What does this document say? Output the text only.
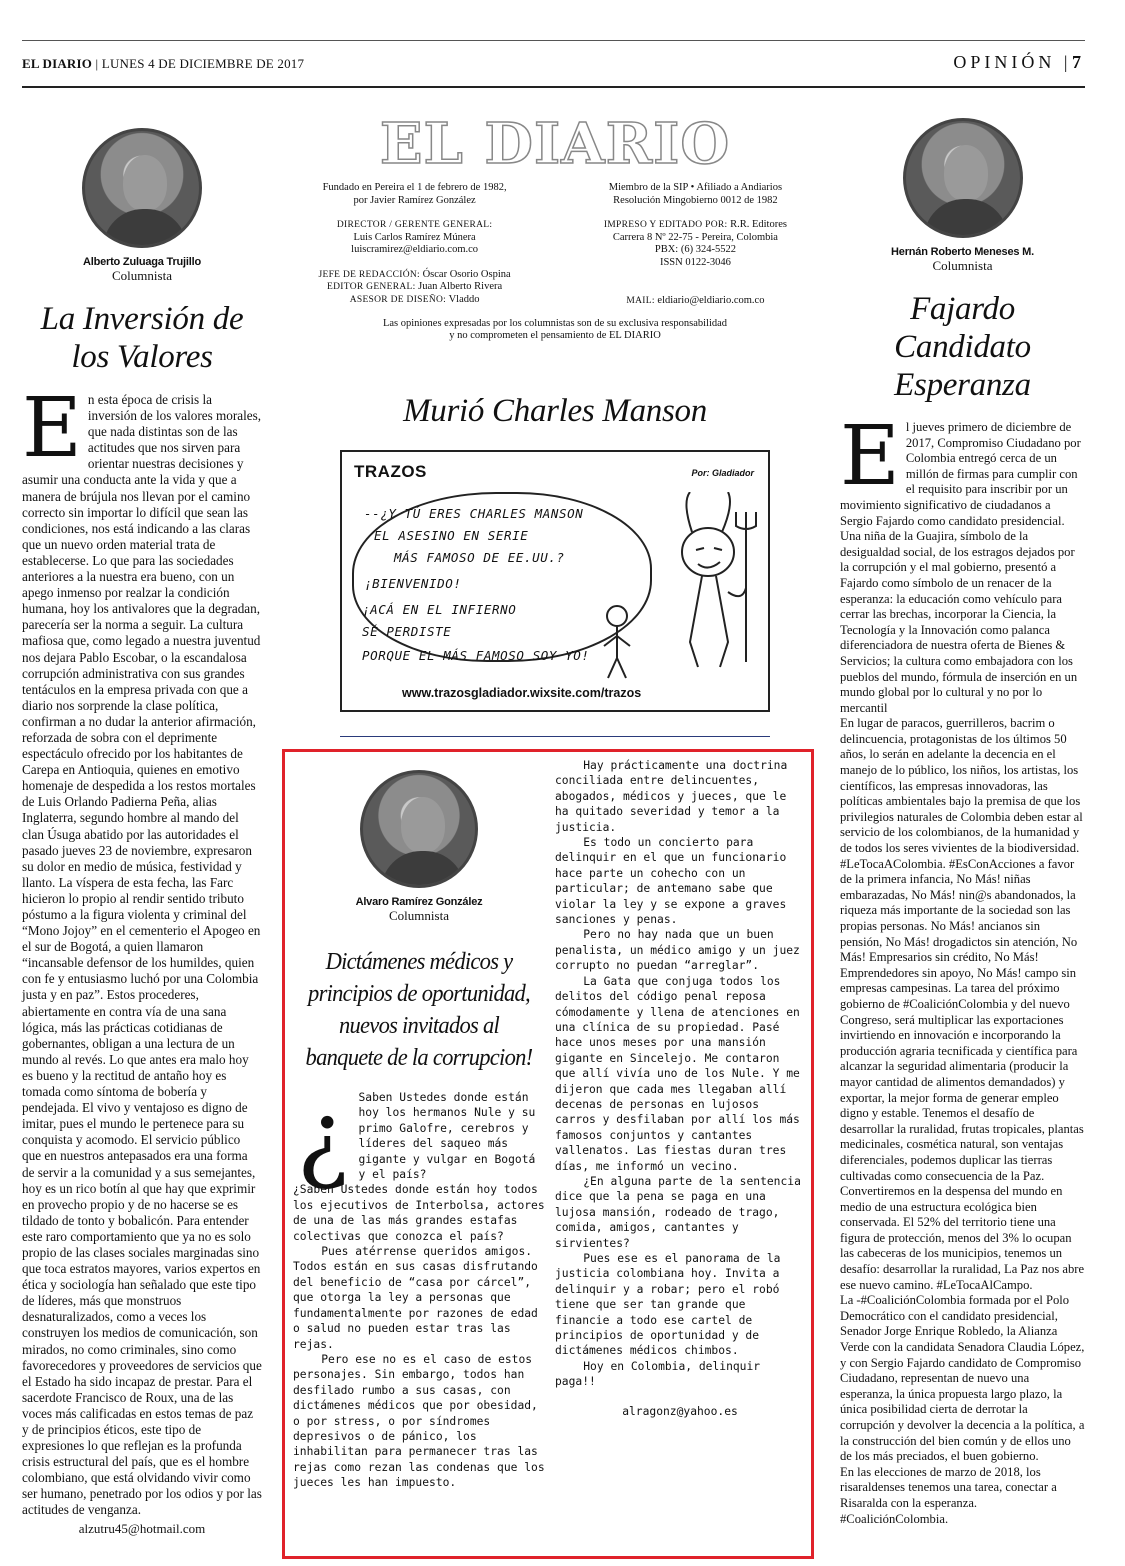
EL DIARIO | LUNES 4 DE DICIEMBRE DE 2017	OPINIÓN | 7
Alberto Zuluaga Trujillo
Columnista
La Inversión de los Valores
E n esta época de crisis la inversión de los valores morales, que nada distintas son de las actitudes que nos sirven para orientar nuestras decisiones y asumir una conducta ante la vida y que a manera de brújula nos llevan por el camino correcto sin importar lo difícil que sean las condiciones, nos está indicando a las claras que un nuevo orden material trata de establecerse. Lo que para las sociedades anteriores a la nuestra era bueno, con un apego inmenso por realzar la condición humana, hoy los antivalores que la degradan, parecería ser la norma a seguir. La cultura mafiosa que, como legado a nuestra juventud nos dejara Pablo Escobar, o la escandalosa corrupción administrativa con sus grandes tentáculos en la empresa privada con que a diario nos sorprende la clase política, confirman a no dudar la anterior afirmación, reforzada de sobra con el deprimente espectáculo ofrecido por los habitantes de Carepa en Antioquia, quienes en emotivo homenaje de despedida a los restos mortales de Luis Orlando Padierna Peña, alias Inglaterra, segundo hombre al mando del clan Úsuga abatido por las autoridades el pasado jueves 23 de noviembre, expresaron su dolor en medio de música, festividad y llanto. La víspera de esta fecha, las Farc hicieron lo propio al rendir sentido tributo póstumo a la figura violenta y criminal del “Mono Jojoy” en el cementerio el Apogeo en el sur de Bogotá, a quien llamaron “incansable defensor de los humildes, quien con fe y entusiasmo luchó por una Colombia justa y en paz”. Estos procederes, abiertamente en contra vía de una sana lógica, más las prácticas cotidianas de gobernantes, obligan a una lectura de un mundo al revés. Lo que antes era malo hoy es bueno y la rectitud de antaño hoy es tomada como síntoma de bobería y pendejada. El vivo y ventajoso es digno de imitar, pues el mundo le pertenece para su conquista y acomodo. El servicio público que en nuestros antepasados era una forma de servir a la comunidad y a sus semejantes, hoy es un rico botín al que hay que exprimir en provecho propio y de no hacerse se es tildado de tonto y bobalicón. Para entender este raro comportamiento que ya no es solo propio de las clases sociales marginadas sino que toca estratos mayores, varios expertos en ética y sociología han señalado que este tipo de líderes, más que monstruos desnaturalizados, como a veces los construyen los medios de comunicación, son mirados, no como criminales, sino como favorecedores y proveedores de servicios que el Estado ha sido incapaz de prestar. Para el sacerdote Francisco de Roux, una de las voces más calificadas en estos temas de paz y de principios éticos, este tipo de expresiones lo que reflejan es la profunda crisis estructural del país, que es el hombre colombiano, que está olvidando vivir como ser humano, penetrado por los odios y por las actitudes de venganza.
alzutru45@hotmail.com
EL DIARIO
Fundado en Pereira el 1 de febrero de 1982,
por Javier Ramírez González
DIRECTOR / GERENTE GENERAL:
Luis Carlos Ramírez Múnera
luiscramirez@eldiario.com.co
JEFE DE REDACCIÓN: Óscar Osorio Ospina
EDITOR GENERAL: Juan Alberto Rivera
ASESOR DE DISEÑO: Vladdo
Miembro de la SIP • Afiliado a Andiarios
Resolución Mingobierno 0012 de 1982
IMPRESO Y EDITADO POR: R.R. Editores
Carrera 8 Nº 22-75 - Pereira, Colombia
PBX: (6) 324-5522
ISSN 0122-3046
MAIL: eldiario@eldiario.com.co
Las opiniones expresadas por los columnistas son de su exclusiva responsabilidad
y no comprometen el pensamiento de EL DIARIO
Murió Charles Manson
TRAZOS	Por: Gladiador
--¿Y TÚ ERES CHARLES MANSON
EL ASESINO EN SERIE
MÁS FAMOSO DE EE.UU.?
¡BIENVENIDO!
¡ACÁ EN EL INFIERNO
SÉ PERDISTE
PORQUE EL MÁS FAMOSO SOY YO!
www.trazosgladiador.wixsite.com/trazos
Alvaro Ramírez González
Columnista
Dictámenes médicos y principios de oportunidad, nuevos invitados al banquete de la corrupcion!

¿ Saben Ustedes donde están hoy los hermanos Nule y su primo Galofre, cerebros y líderes del saqueo más gigante y vulgar en Bogotá y el país?

¿Saben Ustedes donde están hoy todos los ejecutivos de Interbolsa, actores de una de las más grandes estafas colectivas que conozca el país?

Pues atérrense queridos amigos. Todos están en sus casas disfrutando del beneficio de “casa por cárcel”, que otorga la ley a personas que fundamentalmente por razones de edad o salud no pueden estar tras las rejas.

Pero ese no es el caso de estos personajes. Sin embargo, todos han desfilado rumbo a sus casas, con dictámenes médicos que por obesidad, o por stress, o por síndromes depresivos o de pánico, los inhabilitan para permanecer tras las rejas como rezan las condenas que los jueces les han impuesto.

Hay prácticamente una doctrina conciliada entre delincuentes, abogados, médicos y jueces, que le ha quitado severidad y temor a la justicia.

Es todo un concierto para delinquir en el que un funcionario hace parte un cohecho con un particular; de antemano sabe que violar la ley y se expone a graves sanciones y penas.

Pero no hay nada que un buen penalista, un médico amigo y un juez corrupto no puedan “arreglar”.

La Gata que conjuga todos los delitos del código penal reposa cómodamente y llena de atenciones en una clínica de su propiedad. Pasé hace unos meses por una mansión gigante en Sincelejo. Me contaron que allí vivía uno de los Nule. Y me dijeron que cada mes llegaban allí decenas de personas en lujosos carros y desfilaban por allí los más famosos conjuntos y cantantes vallenatos. Las fiestas duran tres días, me informó un vecino.

¿En alguna parte de la sentencia dice que la pena se paga en una lujosa mansión, rodeado de trago, comida, amigos, cantantes y sirvientes?

Pues ese es el panorama de la justicia colombiana hoy. Invita a delinquir y a robar; pero el robó tiene que ser tan grande que financie a todo ese cartel de principios de oportunidad y de dictámenes médicos chimbos.

Hoy en Colombia, delinquir paga!!

alragonz@yahoo.es
Hernán Roberto Meneses M.
Columnista
Fajardo Candidato Esperanza
E l jueves primero de diciembre de 2017, Compromiso Ciudadano por Colombia entregó cerca de un millón de firmas para cumplir con el requisito para inscribir por un movimiento significativo de ciudadanos a Sergio Fajardo como candidato presidencial. Una niña de la Guajira, símbolo de la desigualdad social, de los estragos dejados por la corrupción y el mal gobierno, presentó a Fajardo como símbolo de un renacer de la esperanza: la educación como vehículo para cerrar las brechas, incorporar la Ciencia, la Tecnología y la Innovación como palanca diferenciadora de nuestra oferta de Bienes & Servicios; la cultura como embajadora con los pueblos del mundo, fórmula de inserción en un mundo global por lo cultural y no por lo mercantil
En lugar de paracos, guerrilleros, bacrim o delincuencia, protagonistas de los últimos 50 años, lo serán en adelante la decencia en el manejo de lo público, los niños, los artistas, los científicos, las empresas innovadoras, las políticas ambientales bajo la premisa de que los privilegios naturales de Colombia deben estar al servicio de los colombianos, de la humanidad y de todos los seres vivientes de la biodiversidad. #LeTocaAColombia. #EsConAcciones a favor de la primera infancia, No Más! niñas embarazadas, No Más! nin@s abandonados, la riqueza más importante de la sociedad son las propias personas. No Más! ancianos sin pensión, No Más! drogadictos sin atención, No Más! Empresarios sin crédito, No Más! Emprendedores sin apoyo, No Más! campo sin empresas campesinas. La tarea del próximo gobierno de #CoaliciónColombia y del nuevo Congreso, será multiplicar las exportaciones invirtiendo en innovación e incorporando la producción agraria tecnificada y científica para alcanzar la seguridad alimentaria (producir la mayor cantidad de alimentos demandados) y exportar, la mejor forma de generar empleo digno y estable. Tenemos el desafío de desarrollar la ruralidad, frutas tropicales, plantas medicinales, cosmética natural, son ventajas diferenciales, podemos duplicar las tierras cultivadas como consecuencia de la Paz. Convertiremos en la despensa del mundo en medio de una estructura ecológica bien conservada. El 52% del territorio tiene una figura de protección, menos del 3% lo ocupan las cabeceras de los municipios, tenemos un desafío: desarrollar la ruralidad, La Paz nos abre ese nuevo camino. #LeTocaAlCampo.
La -#CoaliciónColombia formada por el Polo Democrático con el candidato presidencial, Senador Jorge Enrique Robledo, la Alianza Verde con la candidata Senadora Claudia López, y con Sergio Fajardo candidato de Compromiso Ciudadano, representan de nuevo una esperanza, la única propuesta largo plazo, la única posibilidad cierta de derrotar la corrupción y devolver la decencia a la política, a la construcción del bien común y de ellos uno de los más preciados, el buen gobierno.
En las elecciones de marzo de 2018, los risaraldenses tenemos una tarea, conectar a Risaralda con la esperanza. #CoaliciónColombia.
